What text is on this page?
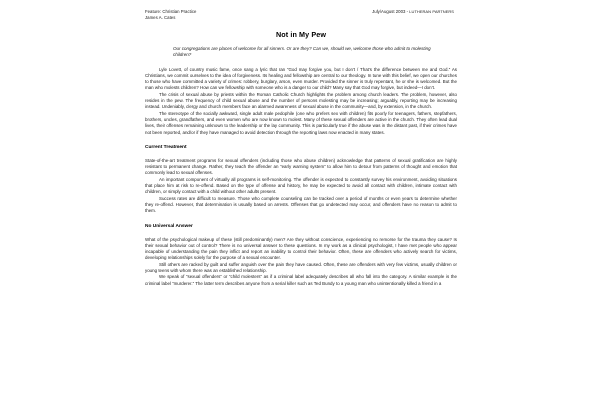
Feature: Christian Practice
James A. Cates
July/August 2003 - lutheran partners
Not in My Pew
Our congregations are places of welcome for all sinners. Or are they? Can we, should we, welcome those who admit to molesting children?

Lyle Lovett, of country music fame, once sang a lyric that ran “God may forgive you, but I don’t / That’s the difference between me and God.” As Christians, we commit ourselves to the idea of forgiveness. Its healing and fellowship are central to our theology. In tune with this belief, we open our churches to those who have committed a variety of crimes: robbery, burglary, arson, even murder. Provided the sinner is truly repentant, he or she is welcomed. But the man who molests children? How can we fellowship with someone who is a danger to our child? Many say that God may forgive, but indeed—I don’t.

The crisis of sexual abuse by priests within the Roman Catholic Church highlights the problem among church leaders. The problem, however, also resides in the pew. The frequency of child sexual abuse and the number of persons molesting may be increasing; arguably, reporting may be increasing instead. Undeniably, clergy and church members face an alarmed awareness of sexual abuse in the community—and, by extension, in the church.

The stereotype of the socially awkward, single adult male pedophile (one who prefers sex with children) fits poorly for teenagers, fathers, stepfathers, brothers, uncles, grandfathers, and even women who are now known to molest. Many of these sexual offenders are active in the church. They often lead dual lives, their offenses remaining unknown to the leadership or the lay community. This is particularly true if the abuse was in the distant past, if their crimes have not been reported, and/or if they have managed to avoid detection through the reporting laws now enacted in many states.

Current Treatment

State-of-the-art treatment programs for sexual offenders (including those who abuse children) acknowledge that patterns of sexual gratification are highly resistant to permanent change. Rather, they teach the offender an “early warning system” to allow him to detour from patterns of thought and emotion that commonly lead to sexual offenses.

An important component of virtually all programs is self-monitoring. The offender is expected to constantly survey his environment, avoiding situations that place him at risk to re-offend. Based on the type of offense and history, he may be expected to avoid all contact with children, intimate contact with children, or simply contact with a child without other adults present.

Success rates are difficult to measure. Those who complete counseling can be tracked over a period of months or even years to determine whether they re-offend. However, that determination is usually based on arrests. Offenses that go undetected may occur, and offenders have no reason to admit to them.

No Universal Answer

What of the psychological makeup of these (still predominantly) men? Are they without conscience, experiencing no remorse for the trauma they cause? Is their sexual behavior out of control? There is no universal answer to these questions. In my work as a clinical psychologist, I have met people who appear incapable of understanding the pain they inflict and report an inability to control their behavior. Often, these are offenders who actively search for victims, developing relationships solely for the purpose of a sexual encounter.

Still others are racked by guilt and suffer anguish over the pain they have caused. Often, these are offenders with very few victims, usually children or young teens with whom there was an established relationship.

We speak of “sexual offenders” or “child molesters” as if a criminal label adequately describes all who fall into the category. A similar example is the criminal label “murderer.” The latter term describes anyone from a serial killer such as Ted Bundy to a young man who unintentionally killed a friend in a
